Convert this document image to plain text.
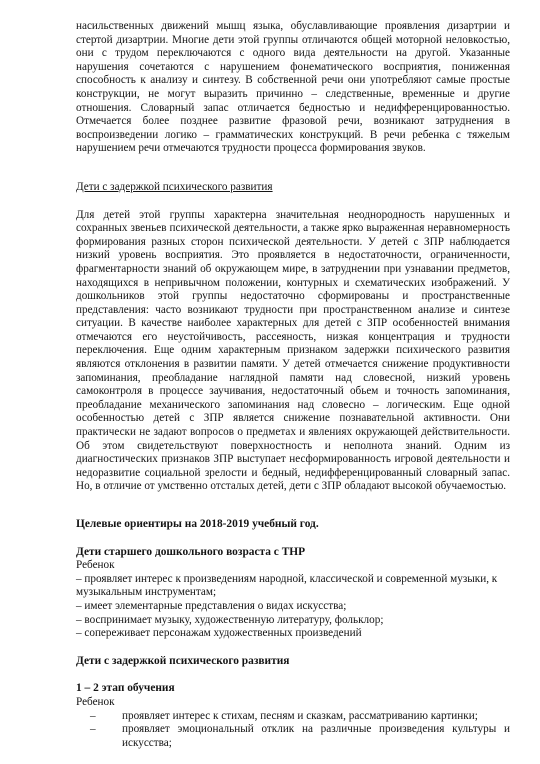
насильственных движений мышц языка, обуславливающие проявления дизартрии и стертой дизартрии. Многие дети этой группы отличаются общей моторной неловкостью, они с трудом переключаются с одного вида деятельности на другой. Указанные нарушения сочетаются с нарушением фонематического восприятия, пониженная способность к анализу и синтезу. В собственной речи они употребляют самые простые конструкции, не могут выразить причинно – следственные, временные и другие отношения. Словарный запас отличается бедностью и недифференцированностью. Отмечается более позднее развитие фразовой речи, возникают затруднения в воспроизведении логико – грамматических конструкций. В речи ребенка с тяжелым нарушением речи отмечаются трудности процесса формирования звуков.

Дети с задержкой психического развития

Для детей этой группы характерна значительная неоднородность нарушенных и сохранных звеньев психической деятельности, а также ярко выраженная неравномерность формирования разных сторон психической деятельности. У детей с ЗПР наблюдается низкий уровень восприятия. Это проявляется в недостаточности, ограниченности, фрагментарности знаний об окружающем мире, в затруднении при узнавании предметов, находящихся в непривычном положении, контурных и схематических изображений. У дошкольников этой группы недостаточно сформированы и пространственные представления: часто возникают трудности при пространственном анализе и синтезе ситуации. В качестве наиболее характерных для детей с ЗПР особенностей внимания отмечаются его неустойчивость, рассеяность, низкая концентрация и трудности переключения. Еще одним характерным признаком задержки психического развития являются отклонения в развитии памяти. У детей отмечается снижение продуктивности запоминания, преобладание наглядной памяти над словесной, низкий уровень самоконтроля в процессе заучивания, недостаточный обьем и точность запоминания, преобладание механического запоминания над словесно – логическим. Еще одной особенностью детей с ЗПР является снижение познавательной активности. Они практически не задают вопросов о предметах и явлениях окружающей действительности. Об этом свидетельствуют поверхностность и неполнота знаний. Одним из диагностических признаков ЗПР выступает несформированность игровой деятельности и недоразвитие социальной зрелости и бедный, недифференцированный словарный запас. Но, в отличие от умственно отсталых детей, дети с ЗПР обладают высокой обучаемостью.

Целевые ориентиры на 2018-2019 учебный год.
Дети старшего дошкольного возраста с ТНР
Ребенок
– проявляет интерес к произведениям народной, классической и современной музыки, к музыкальным инструментам;
– имеет элементарные представления о видах искусства;
– воспринимает музыку, художественную литературу, фольклор;
– сопереживает персонажам художественных произведений
Дети с задержкой психического развития
1 – 2 этап обучения
Ребенок
– проявляет интерес к стихам, песням и сказкам, рассматриванию картинки;
– проявляет эмоциональный отклик на различные произведения культуры и искусства;
